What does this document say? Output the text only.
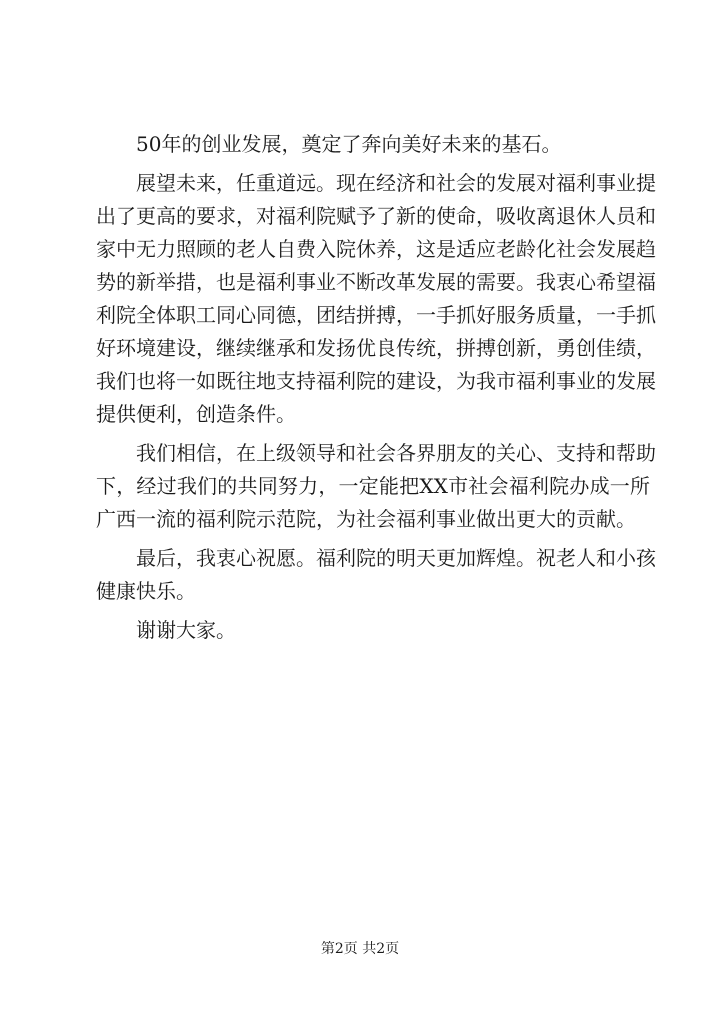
50年的创业发展，奠定了奔向美好未来的基石。

展望未来，任重道远。现在经济和社会的发展对福利事业提
出了更高的要求，对福利院赋予了新的使命，吸收离退休人员和
家中无力照顾的老人自费入院休养，这是适应老龄化社会发展趋
势的新举措，也是福利事业不断改革发展的需要。我衷心希望福
利院全体职工同心同德，团结拼搏，一手抓好服务质量，一手抓
好环境建设，继续继承和发扬优良传统，拼搏创新，勇创佳绩，
我们也将一如既往地支持福利院的建设，为我市福利事业的发展
提供便利，创造条件。

我们相信，在上级领导和社会各界朋友的关心、支持和帮助
下，经过我们的共同努力，一定能把XX市社会福利院办成一所
广西一流的福利院示范院，为社会福利事业做出更大的贡献。

最后，我衷心祝愿。福利院的明天更加辉煌。祝老人和小孩
健康快乐。

谢谢大家。

第2页 共2页
